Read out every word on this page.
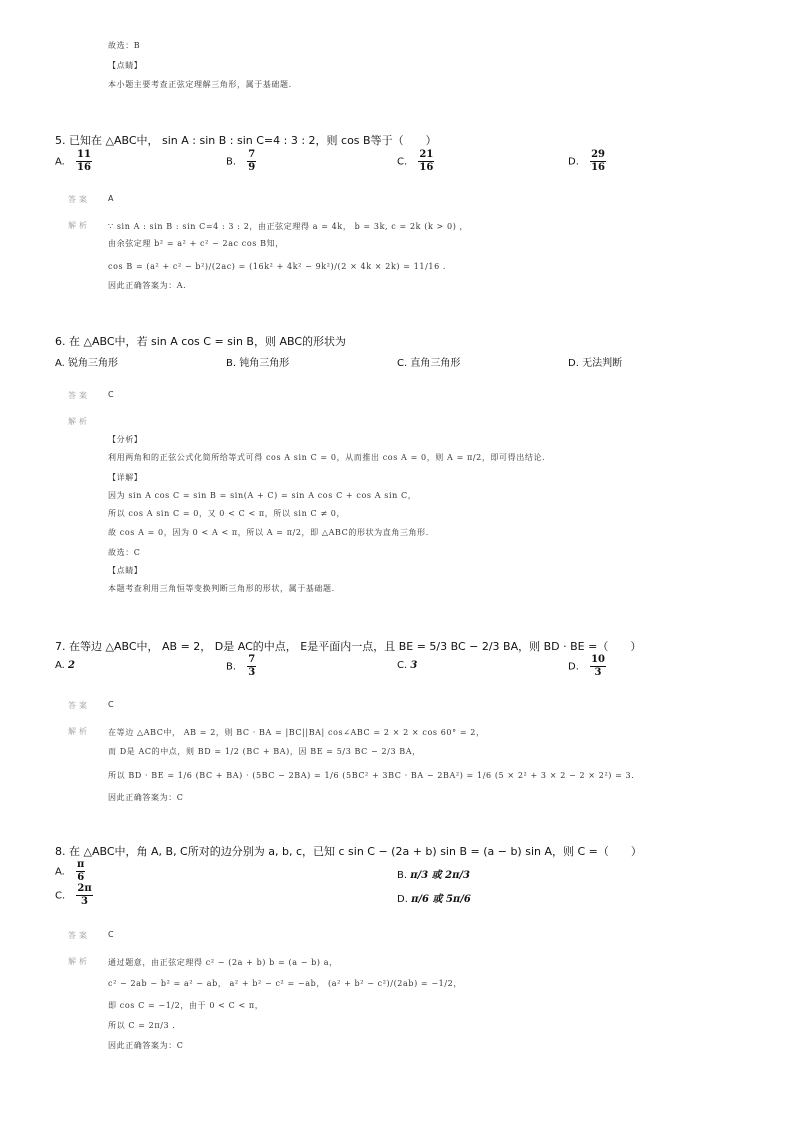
故选：B
【点睛】
本小题主要考查正弦定理解三角形，属于基础题.
5. 已知在 △ABC中， sin A : sin B : sin C=4 : 3 : 2，则 cos B等于（　　）
A. $\frac{11}{16}$	B. $\frac{7}{9}$	C. $\frac{21}{16}$	D. $\frac{29}{16}$
答案 A
解析 ∵ sin A : sin B : sin C=4 : 3 : 2，由正弦定理得 a = 4k， b = 3k, c = 2k (k > 0) ，
由余弦定理 b² = a² + c² − 2ac cos B知，
cos B = (a² + c² − b²)/(2ac) = (16k² + 4k² − 9k²)/(2 × 4k × 2k) = 11/16 .
因此正确答案为：A.
6. 在 △ABC中，若 sin A cos C = sin B，则 ABC的形状为
A. 锐角三角形	B. 钝角三角形	C. 直角三角形	D. 无法判断
答案 C
解析
【分析】
利用两角和的正弦公式化简所给等式可得 cos A sin C = 0，从而推出 cos A = 0，则 A = π/2，即可得出结论.
【详解】
因为 sin A cos C = sin B = sin(A + C) = sin A cos C + cos A sin C，
所以 cos A sin C = 0，又 0 < C < π，所以 sin C ≠ 0，
故 cos A = 0，因为 0 < A < π，所以 A = π/2，即 △ABC的形状为直角三角形.
故选：C
【点睛】
本题考查利用三角恒等变换判断三角形的形状，属于基础题.
7. 在等边 △ABC中， AB = 2， D是 AC的中点， E是平面内一点，且 BE = 5/3 BC − 2/3 BA，则 BD · BE =（　　）
A. 2	B. $\frac{7}{3}$	C. 3	D. $\frac{10}{3}$
答案 C
解析 在等边 △ABC中， AB = 2，则 BC · BA = |BC||BA| cos∠ABC = 2 × 2 × cos 60° = 2，
而 D是 AC的中点，则 BD = 1/2 (BC + BA)，因 BE = 5/3 BC − 2/3 BA，
所以 BD · BE = 1/6 (BC + BA) · (5BC − 2BA) = 1/6 (5BC² + 3BC · BA − 2BA²) = 1/6 (5 × 2² + 3 × 2 − 2 × 2²) = 3.
因此正确答案为：C
8. 在 △ABC中，角 A, B, C所对的边分别为 a, b, c，已知 c sin C − (2a + b) sin B = (a − b) sin A，则 C =（　　）
A. $\frac{\pi}{6}$	B. π/3 或 2π/3
C. $\frac{2\pi}{3}$	D. π/6 或 5π/6
答案 C
解析 通过题意，由正弦定理得 c² − (2a + b) b = (a − b) a，
c² − 2ab − b² = a² − ab， a² + b² − c² = −ab， (a² + b² − c²)/(2ab) = −1/2，
即 cos C = −1/2，由于 0 < C < π，
所以 C = 2π/3 .
因此正确答案为：C
